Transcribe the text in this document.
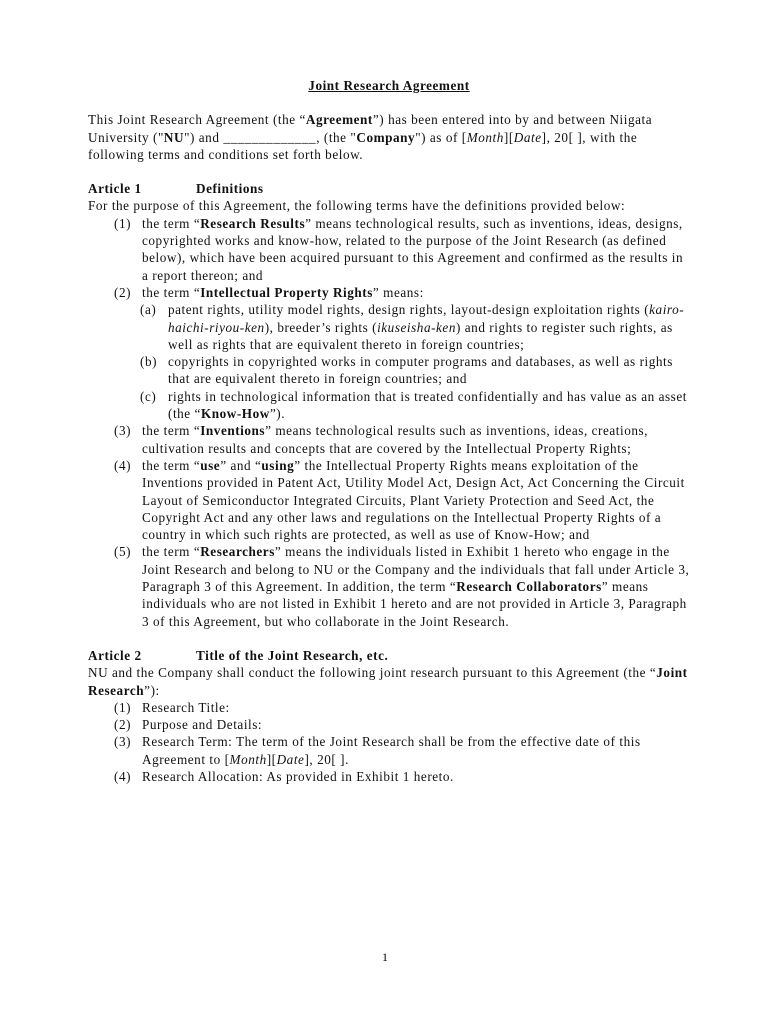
Joint Research Agreement

This Joint Research Agreement (the “Agreement”) has been entered into by and between Niigata University ("NU") and _____________, (the "Company") as of [Month][Date], 20[ ], with the following terms and conditions set forth below.

Article 1	Definitions

For the purpose of this Agreement, the following terms have the definitions provided below:

(1) the term “Research Results” means technological results, such as inventions, ideas, designs, copyrighted works and know-how, related to the purpose of the Joint Research (as defined below), which have been acquired pursuant to this Agreement and confirmed as the results in a report thereon; and
(2) the term “Intellectual Property Rights” means:
(a) patent rights, utility model rights, design rights, layout-design exploitation rights (kairo-haichi-riyou-ken), breeder’s rights (ikuseisha-ken) and rights to register such rights, as well as rights that are equivalent thereto in foreign countries;
(b) copyrights in copyrighted works in computer programs and databases, as well as rights that are equivalent thereto in foreign countries; and
(c) rights in technological information that is treated confidentially and has value as an asset (the “Know-How”).
(3) the term “Inventions” means technological results such as inventions, ideas, creations, cultivation results and concepts that are covered by the Intellectual Property Rights;
(4) the term “use” and “using” the Intellectual Property Rights means exploitation of the Inventions provided in Patent Act, Utility Model Act, Design Act, Act Concerning the Circuit Layout of Semiconductor Integrated Circuits, Plant Variety Protection and Seed Act, the Copyright Act and any other laws and regulations on the Intellectual Property Rights of a country in which such rights are protected, as well as use of Know-How; and
(5) the term “Researchers” means the individuals listed in Exhibit 1 hereto who engage in the Joint Research and belong to NU or the Company and the individuals that fall under Article 3, Paragraph 3 of this Agreement. In addition, the term “Research Collaborators” means individuals who are not listed in Exhibit 1 hereto and are not provided in Article 3, Paragraph 3 of this Agreement, but who collaborate in the Joint Research.
Article 2	Title of the Joint Research, etc.

NU and the Company shall conduct the following joint research pursuant to this Agreement (the “Joint Research”):

(1) Research Title:
(2) Purpose and Details:
(3) Research Term: The term of the Joint Research shall be from the effective date of this Agreement to [Month][Date], 20[ ].
(4) Research Allocation: As provided in Exhibit 1 hereto.
1
